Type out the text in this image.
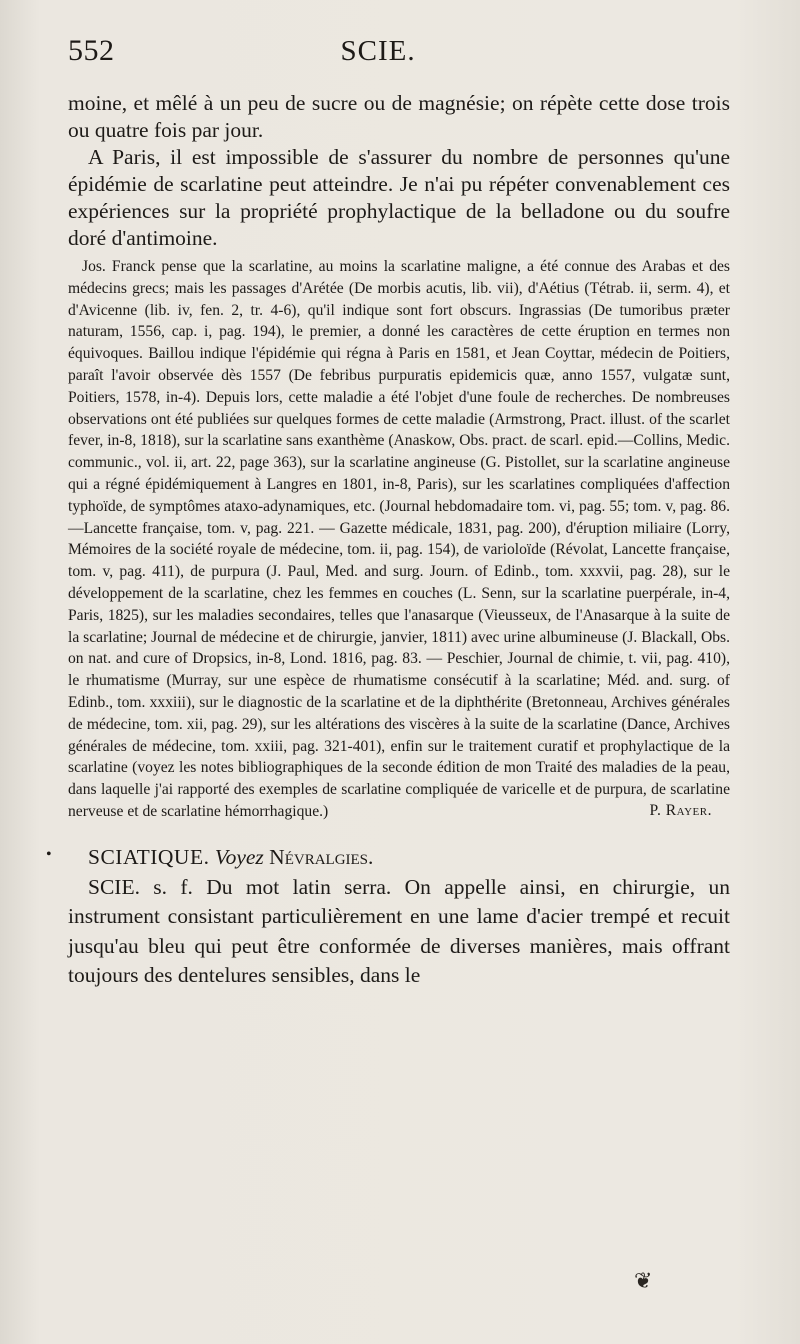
552	SCIE.

moine, et mêlé à un peu de sucre ou de magnésie; on répète cette dose trois ou quatre fois par jour.

A Paris, il est impossible de s'assurer du nombre de personnes qu'une épidémie de scarlatine peut atteindre. Je n'ai pu répéter convenablement ces expériences sur la propriété prophylactique de la belladone ou du soufre doré d'antimoine.

Jos. Franck pense que la scarlatine, au moins la scarlatine maligne, a été connue des Arabas et des médecins grecs; mais les passages d'Arétée (De morbis acutis, lib. vii), d'Aétius (Tétrab. ii, serm. 4), et d'Avicenne (lib. iv, fen. 2, tr. 4-6), qu'il indique sont fort obscurs. Ingrassias (De tumoribus præter naturam, 1556, cap. i, pag. 194), le premier, a donné les caractères de cette éruption en termes non équivoques. Baillou indique l'épidémie qui régna à Paris en 1581, et Jean Coyttar, médecin de Poitiers, paraît l'avoir observée dès 1557 (De febribus purpuratis epidemicis quæ, anno 1557, vulgatæ sunt, Poitiers, 1578, in-4). Depuis lors, cette maladie a été l'objet d'une foule de recherches. De nombreuses observations ont été publiées sur quelques formes de cette maladie (Armstrong, Pract. illust. of the scarlet fever, in-8, 1818), sur la scarlatine sans exanthème (Anaskow, Obs. pract. de scarl. epid.—Collins, Medic. communic., vol. ii, art. 22, page 363), sur la scarlatine angineuse (G. Pistollet, sur la scarlatine angineuse qui a régné épidémiquement à Langres en 1801, in-8, Paris), sur les scarlatines compliquées d'affection typhoïde, de symptômes ataxo-adynamiques, etc. (Journal hebdomadaire tom. vi, pag. 55; tom. v, pag. 86.—Lancette française, tom. v, pag. 221. — Gazette médicale, 1831, pag. 200), d'éruption miliaire (Lorry, Mémoires de la société royale de médecine, tom. ii, pag. 154), de varioloïde (Révolat, Lancette française, tom. v, pag. 411), de purpura (J. Paul, Med. and surg. Journ. of Edinb., tom. xxxvii, pag. 28), sur le développement de la scarlatine, chez les femmes en couches (L. Senn, sur la scarlatine puerpérale, in-4, Paris, 1825), sur les maladies secondaires, telles que l'anasarque (Vieusseux, de l'Anasarque à la suite de la scarlatine; Journal de médecine et de chirurgie, janvier, 1811) avec urine albumineuse (J. Blackall, Obs. on nat. and cure of Dropsics, in-8, Lond. 1816, pag. 83. — Peschier, Journal de chimie, t. vii, pag. 410), le rhumatisme (Murray, sur une espèce de rhumatisme consécutif à la scarlatine; Méd. and. surg. of Edinb., tom. xxxiii), sur le diagnostic de la scarlatine et de la diphthérite (Bretonneau, Archives générales de médecine, tom. xii, pag. 29), sur les altérations des viscères à la suite de la scarlatine (Dance, Archives générales de médecine, tom. xxiii, pag. 321-401), enfin sur le traitement curatif et prophylactique de la scarlatine (voyez les notes bibliographiques de la seconde édition de mon Traité des maladies de la peau, dans laquelle j'ai rapporté des exemples de scarlatine compliquée de varicelle et de purpura, de scarlatine nerveuse et de scarlatine hémorrhagique.)	P. Rayer.
SCIATIQUE. Voyez Névralgies.

SCIE. s. f. Du mot latin serra. On appelle ainsi, en chirurgie, un instrument consistant particulièrement en une lame d'acier trempé et recuit jusqu'au bleu qui peut être conformée de diverses manières, mais offrant toujours des dentelures sensibles, dans le

•
❦
